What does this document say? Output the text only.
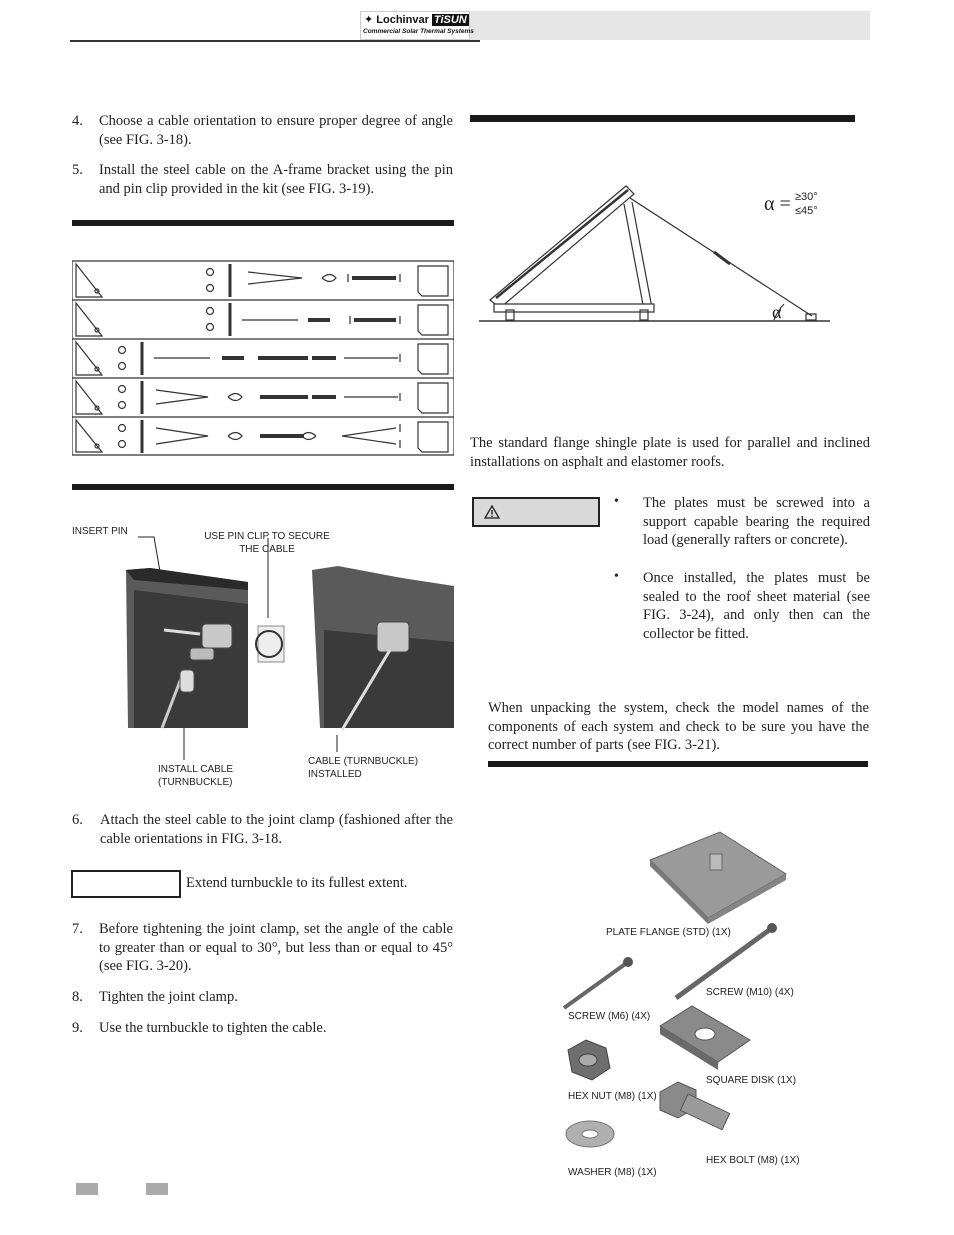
✦ Lochinvar TiSUN
Commercial Solar Thermal Systems
4. Choose a cable orientation to ensure proper degree of angle (see FIG. 3-18).
5. Install the steel cable on the A-frame bracket using the pin and pin clip provided in the kit (see FIG. 3-19).
INSERT PIN	USE PIN CLIP TO SECURE THE CABLE
INSTALL CABLE (TURNBUCKLE)
CABLE (TURNBUCKLE) INSTALLED
6. Attach the steel cable to the joint clamp (fashioned after the cable orientations in FIG. 3-18.
Extend turnbuckle to its fullest extent.
7. Before tightening the joint clamp, set the angle of the cable to greater than or equal to 30°, but less than or equal to 45° (see FIG. 3-20).
8. Tighten the joint clamp.
9. Use the turnbuckle to tighten the cable.
α = ≥30°
≤45°
α
The standard flange shingle plate is used for parallel and inclined installations on asphalt and elastomer roofs.
• The plates must be screwed into a support capable bearing the required load (generally rafters or concrete).
• Once installed, the plates must be sealed to the roof sheet material (see FIG. 3-24), and only then can the collector be fitted.
When unpacking the system, check the model names of the components of each system and check to be sure you have the correct number of parts (see FIG. 3-21).
PLATE FLANGE (STD) (1X)
SCREW (M10) (4X)
SCREW (M6) (4X)
SQUARE DISK (1X)
HEX NUT (M8) (1X)
HEX BOLT (M8) (1X)
WASHER (M8) (1X)
